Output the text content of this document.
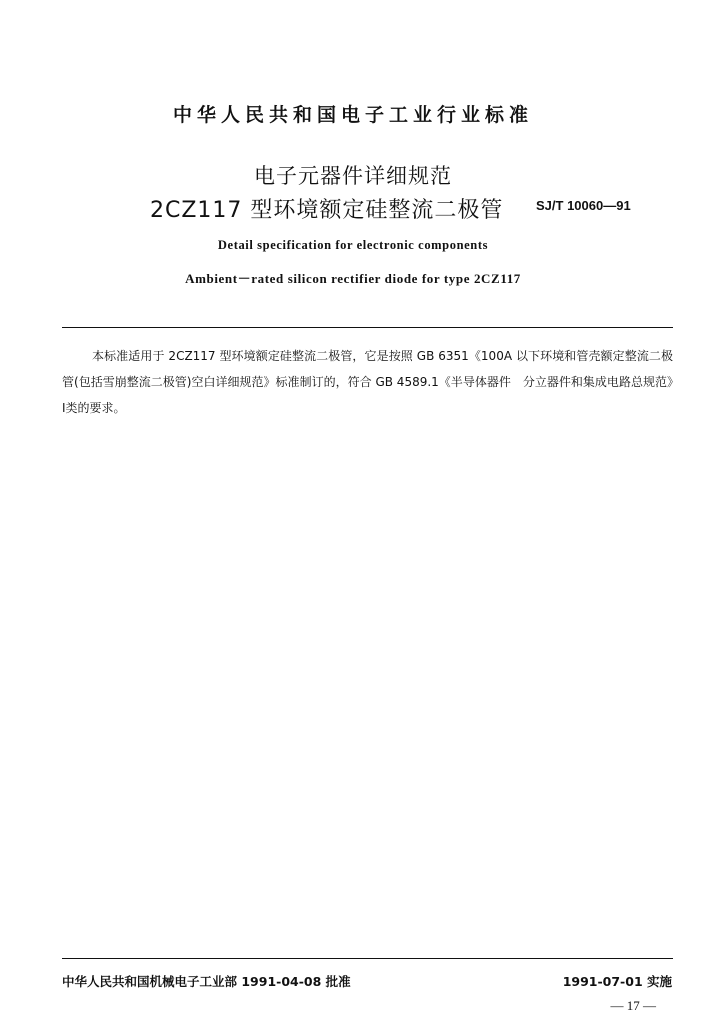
中华人民共和国电子工业行业标准
电子元器件详细规范
2CZ117 型环境额定硅整流二极管	SJ/T 10060—91
Detail specification for electronic components
Ambient－rated silicon rectifier diode for type 2CZ117
本标准适用于 2CZ117 型环境额定硅整流二极管，它是按照 GB 6351《100A 以下环境和管壳额定整流二极管(包括雪崩整流二极管)空白详细规范》标准制订的，符合 GB 4589.1《半导体器件　分立器件和集成电路总规范》Ⅰ类的要求。
中华人民共和国机械电子工业部 1991-04-08 批准	1991-07-01 实施
— 17 —
